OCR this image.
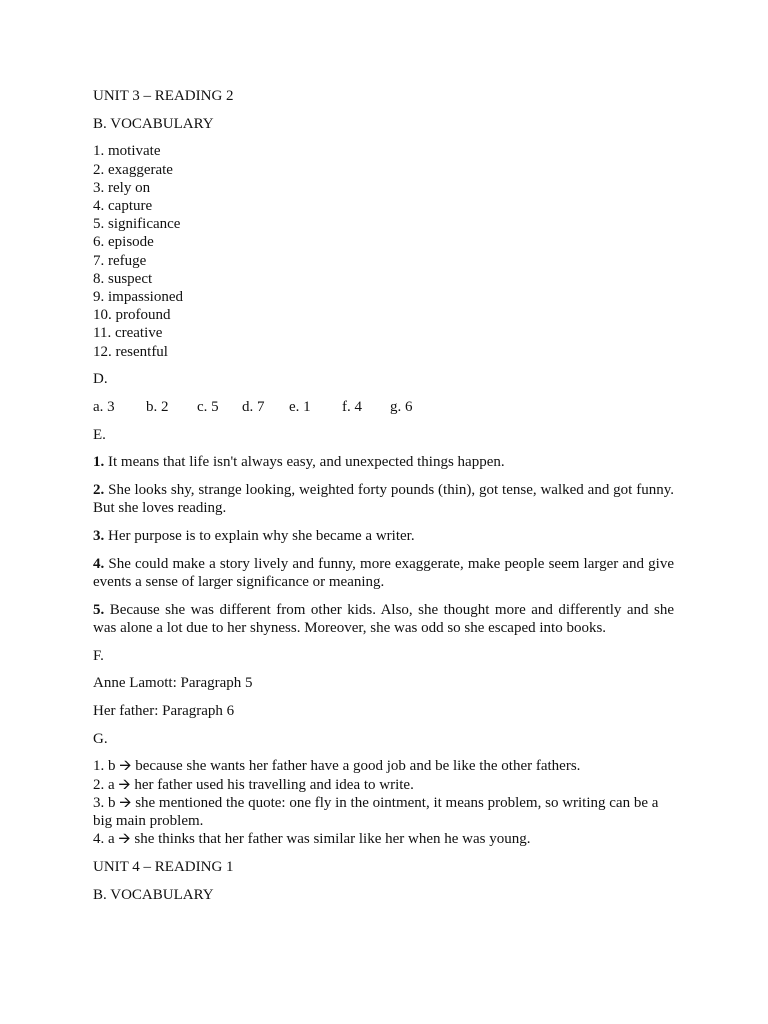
UNIT 3 – READING 2

B. VOCABULARY

1. motivate
2. exaggerate
3. rely on
4. capture
5. significance
6. episode
7. refuge
8. suspect
9. impassioned
10. profound
11. creative
12. resentful

D.

a. 3	b. 2	c. 5	d. 7	e. 1	f. 4	g. 6

E.

1. It means that life isn't always easy, and unexpected things happen.

2. She looks shy, strange looking, weighted forty pounds (thin), got tense, walked and got funny. But she loves reading.

3. Her purpose is to explain why she became a writer.

4. She could make a story lively and funny, more exaggerate, make people seem larger and give events a sense of larger significance or meaning.

5. Because she was different from other kids. Also, she thought more and differently and she was alone a lot due to her shyness. Moreover, she was odd so she escaped into books.

F.

Anne Lamott: Paragraph 5

Her father: Paragraph 6

G.

1. b 🡪 because she wants her father have a good job and be like the other fathers.
2. a 🡪 her father used his travelling and idea to write.
3. b 🡪 she mentioned the quote: one fly in the ointment, it means problem, so writing can be a big main problem.
4. a 🡪 she thinks that her father was similar like her when he was young.

UNIT 4 – READING 1

B. VOCABULARY
